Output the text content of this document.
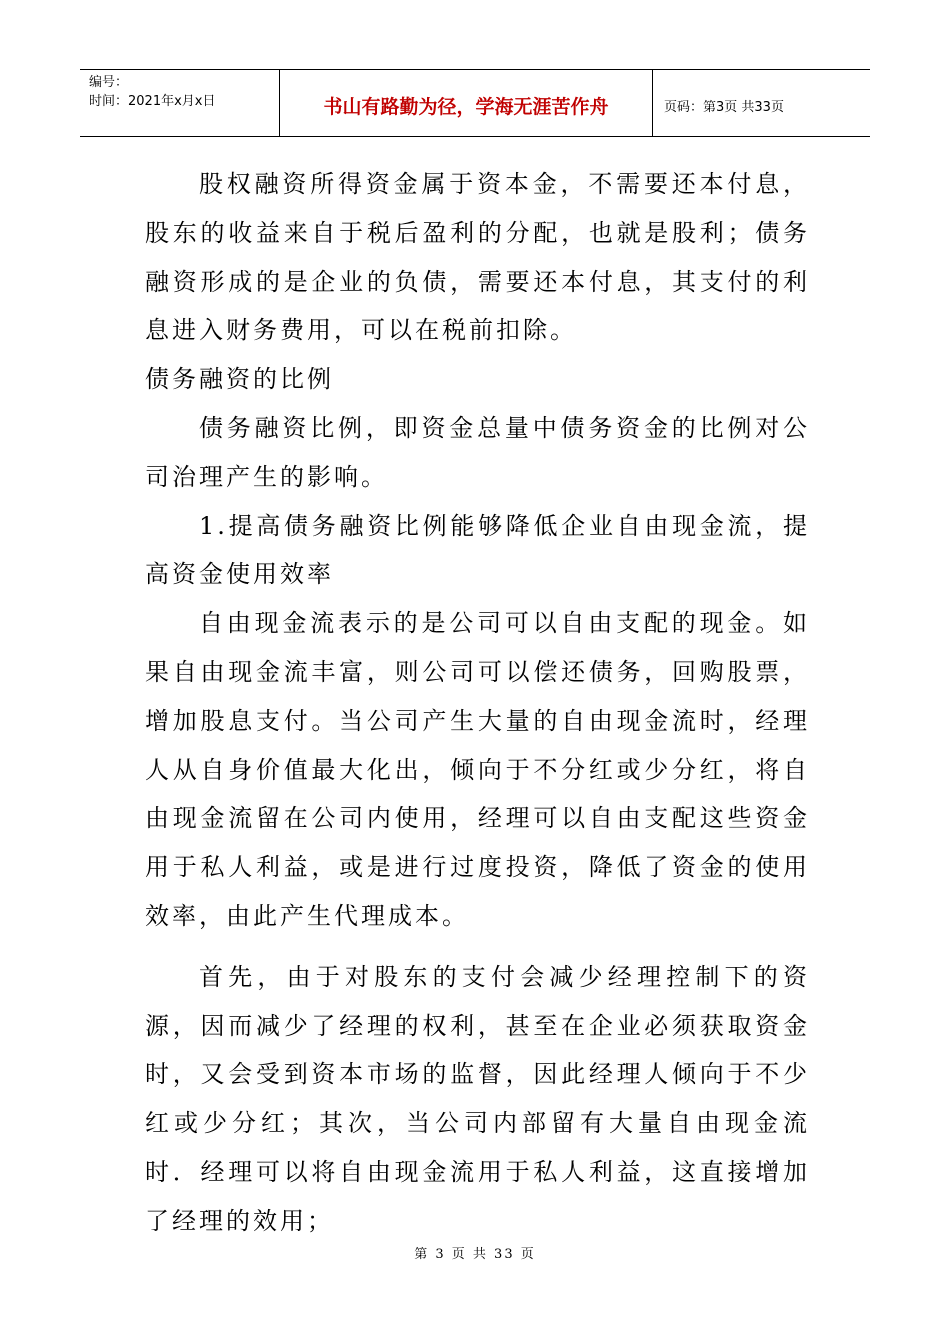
编号：
时间：2021年x月x日	书山有路勤为径，学海无涯苦作舟	页码：第3页 共33页

股权融资所得资金属于资本金，不需要还本付息，股东的收益来自于税后盈利的分配，也就是股利；债务融资形成的是企业的负债，需要还本付息，其支付的利息进入财务费用，可以在税前扣除。

债务融资的比例

债务融资比例，即资金总量中债务资金的比例对公司治理产生的影响。

1.提高债务融资比例能够降低企业自由现金流，提高资金使用效率

自由现金流表示的是公司可以自由支配的现金。如果自由现金流丰富，则公司可以偿还债务，回购股票，增加股息支付。当公司产生大量的自由现金流时，经理人从自身价值最大化出，倾向于不分红或少分红，将自由现金流留在公司内使用，经理可以自由支配这些资金用于私人利益，或是进行过度投资，降低了资金的使用效率，由此产生代理成本。

首先，由于对股东的支付会减少经理控制下的资源，因而减少了经理的权利，甚至在企业必须获取资金时，又会受到资本市场的监督，因此经理人倾向于不少红或少分红；其次，当公司内部留有大量自由现金流时．经理可以将自由现金流用于私人利益，这直接增加了经理的效用；

第 3 页 共 33 页
